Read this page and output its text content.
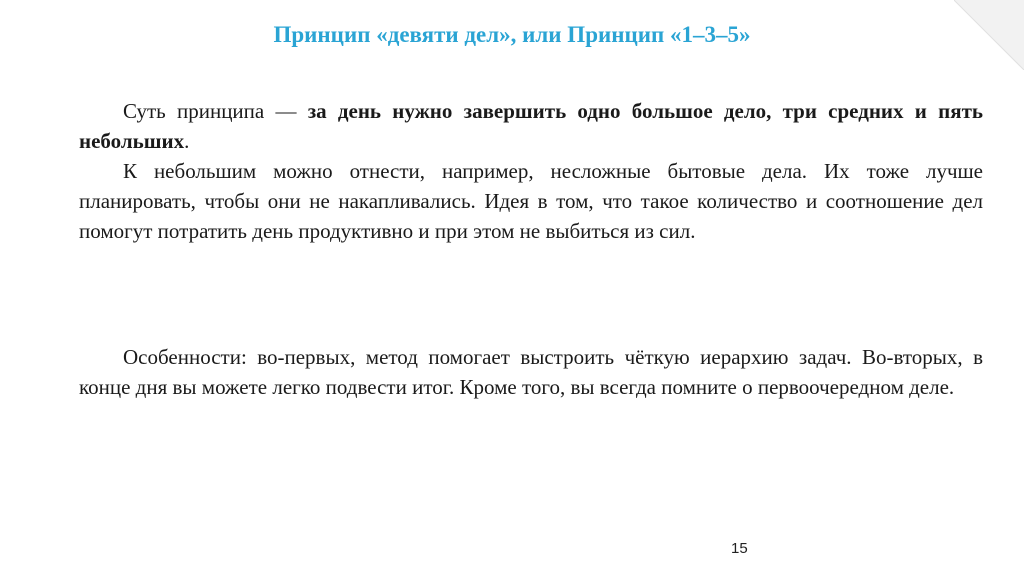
Принцип «девяти дел», или Принцип «1–3–5»

Суть принципа — за день нужно завершить одно большое дело, три средних и пять небольших.

К небольшим можно отнести, например, несложные бытовые дела. Их тоже лучше планировать, чтобы они не накапливались. Идея в том, что такое количество и соотношение дел помогут потратить день продуктивно и при этом не выбиться из сил.

Особенности: во-первых, метод помогает выстроить чёткую иерархию задач. Во-вторых, в конце дня вы можете легко подвести итог. Кроме того, вы всегда помните о первоочередном деле.

15
